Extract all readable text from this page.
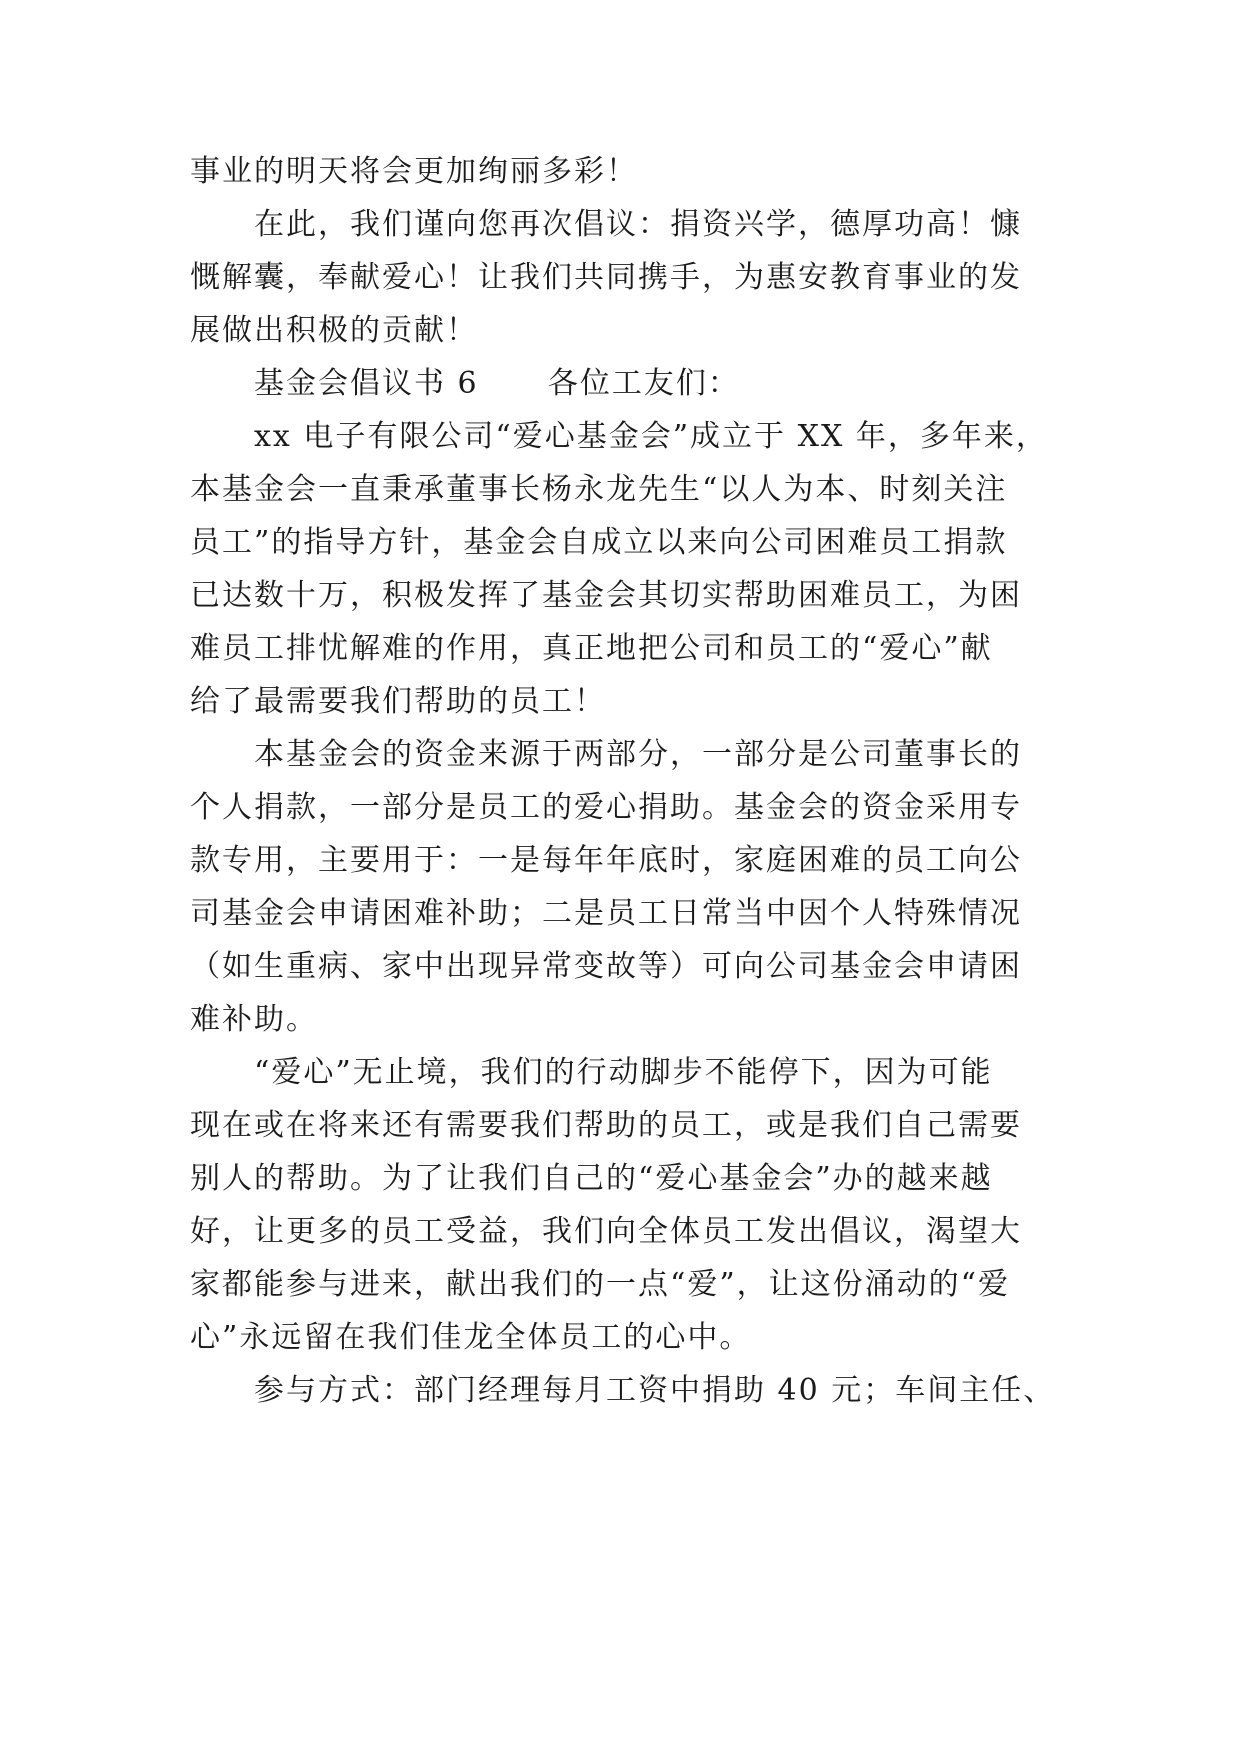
事业的明天将会更加绚丽多彩！
在此，我们谨向您再次倡议：捐资兴学，德厚功高！慷
慨解囊，奉献爱心！让我们共同携手，为惠安教育事业的发
展做出积极的贡献！
基金会倡议书 6      各位工友们：
xx 电子有限公司“爱心基金会”成立于 XX 年，多年来，
本基金会一直秉承董事长杨永龙先生“以人为本、时刻关注
员工”的指导方针，基金会自成立以来向公司困难员工捐款
已达数十万，积极发挥了基金会其切实帮助困难员工，为困
难员工排忧解难的作用，真正地把公司和员工的“爱心”献
给了最需要我们帮助的员工！
本基金会的资金来源于两部分，一部分是公司董事长的
个人捐款，一部分是员工的爱心捐助。基金会的资金采用专
款专用，主要用于：一是每年年底时，家庭困难的员工向公
司基金会申请困难补助；二是员工日常当中因个人特殊情况
（如生重病、家中出现异常变故等）可向公司基金会申请困
难补助。
“爱心”无止境，我们的行动脚步不能停下，因为可能
现在或在将来还有需要我们帮助的员工，或是我们自己需要
别人的帮助。为了让我们自己的“爱心基金会”办的越来越
好，让更多的员工受益，我们向全体员工发出倡议，渴望大
家都能参与进来，献出我们的一点“爱”，让这份涌动的“爱
心”永远留在我们佳龙全体员工的心中。
参与方式：部门经理每月工资中捐助 40 元；车间主任、
